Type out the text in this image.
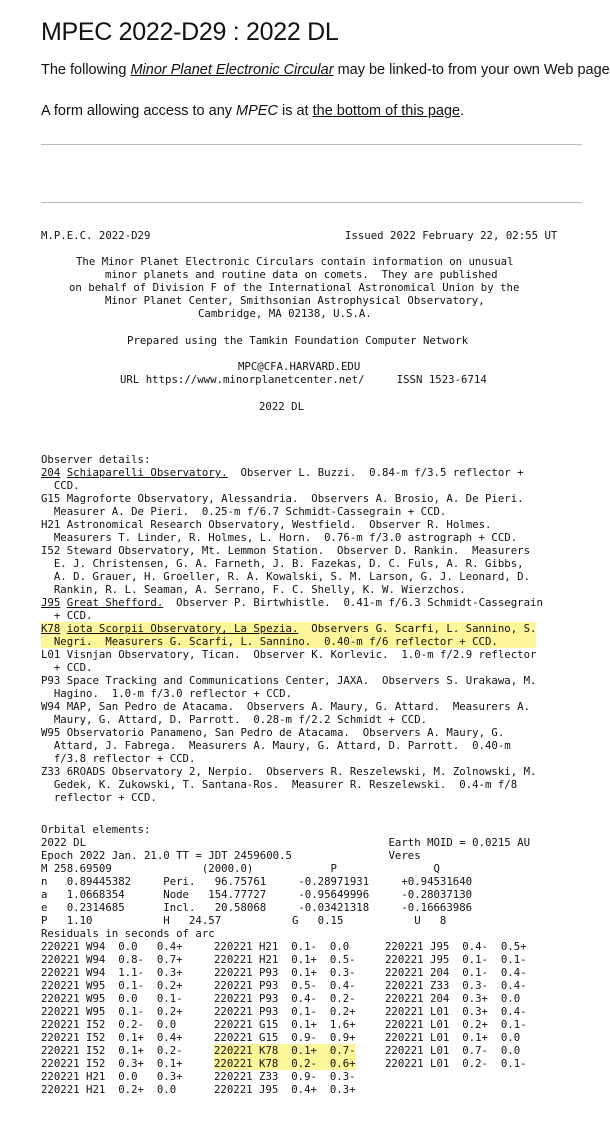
MPEC 2022-D29 : 2022 DL
The following Minor Planet Electronic Circular may be linked-to from your own Web page
A form allowing access to any MPEC is at the bottom of this page.
M.P.E.C. 2022-D29	Issued 2022 February 22, 02:55 UT
The Minor Planet Electronic Circulars contain information on unusual
minor planets and routine data on comets.  They are published
on behalf of Division F of the International Astronomical Union by the
Minor Planet Center, Smithsonian Astrophysical Observatory,
Cambridge, MA 02138, U.S.A.
Prepared using the Tamkin Foundation Computer Network
MPC@CFA.HARVARD.EDU
URL https://www.minorplanetcenter.net/     ISSN 1523-6714
2022 DL
Observer details:
204 Schiaparelli Observatory.  Observer L. Buzzi.  0.84-m f/3.5 reflector +
CCD.
G15 Magroforte Observatory, Alessandria.  Observers A. Brosio, A. De Pieri.
Measurer A. De Pieri.  0.25-m f/6.7 Schmidt-Cassegrain + CCD.
H21 Astronomical Research Observatory, Westfield.  Observer R. Holmes.
Measurers T. Linder, R. Holmes, L. Horn.  0.76-m f/3.0 astrograph + CCD.
I52 Steward Observatory, Mt. Lemmon Station.  Observer D. Rankin.  Measurers
E. J. Christensen, G. A. Farneth, J. B. Fazekas, D. C. Fuls, A. R. Gibbs,
A. D. Grauer, H. Groeller, R. A. Kowalski, S. M. Larson, G. J. Leonard, D.
Rankin, R. L. Seaman, A. Serrano, F. C. Shelly, K. W. Wierzchos.
J95 Great Shefford.  Observer P. Birtwhistle.  0.41-m f/6.3 Schmidt-Cassegrain
+ CCD.
K78 iota Scorpii Observatory, La Spezia.  Observers G. Scarfi, L. Sannino, S.
Negri.  Measurers G. Scarfi, L. Sannino.  0.40-m f/6 reflector + CCD.
L01 Visnjan Observatory, Tican.  Observer K. Korlevic.  1.0-m f/2.9 reflector
+ CCD.
P93 Space Tracking and Communications Center, JAXA.  Observers S. Urakawa, M.
Hagino.  1.0-m f/3.0 reflector + CCD.
W94 MAP, San Pedro de Atacama.  Observers A. Maury, G. Attard.  Measurers A.
Maury, G. Attard, D. Parrott.  0.28-m f/2.2 Schmidt + CCD.
W95 Observatorio Panameno, San Pedro de Atacama.  Observers A. Maury, G.
Attard, J. Fabrega.  Measurers A. Maury, G. Attard, D. Parrott.  0.40-m
f/3.8 reflector + CCD.
Z33 6ROADS Observatory 2, Nerpio.  Observers R. Reszelewski, M. Zolnowski, M.
Gedek, K. Zukowski, T. Santana-Ros.  Measurer R. Reszelewski.  0.4-m f/8
reflector + CCD.
Orbital elements:
2022 DL                                               Earth MOID = 0.0215 AU
Epoch 2022 Jan. 21.0 TT = JDT 2459600.5               Veres
M 258.69509              (2000.0)            P               Q
n   0.89445382     Peri.   96.75761     -0.28971931     +0.94531640
a   1.0668354      Node   154.77727     -0.95649996     -0.28037130
e   0.2314685      Incl.   20.58068     -0.03421318     -0.16663986
P   1.10           H   24.57           G   0.15           U   8
Residuals in seconds of arc
220221 W94  0.0   0.4+	220221 H21  0.1-  0.0	220221 J95  0.4-  0.5+
220221 W94  0.8-  0.7+	220221 H21  0.1+  0.5-	220221 J95  0.1-  0.1-
220221 W94  1.1-  0.3+	220221 P93  0.1+  0.3-	220221 204  0.1-  0.4-
220221 W95  0.1-  0.2+	220221 P93  0.5-  0.4-	220221 Z33  0.3-  0.4-
220221 W95  0.0   0.1-	220221 P93  0.4-  0.2-	220221 204  0.3+  0.0
220221 W95  0.1-  0.2+	220221 P93  0.1-  0.2+	220221 L01  0.3+  0.4-
220221 I52  0.2-  0.0	220221 G15  0.1+  1.6+	220221 L01  0.2+  0.1-
220221 I52  0.1+  0.4+	220221 G15  0.9-  0.9+	220221 L01  0.1+  0.0
220221 I52  0.1+  0.2-	220221 K78  0.1+  0.7-	220221 L01  0.7-  0.0
220221 I52  0.3+  0.1+	220221 K78  0.2-  0.6+	220221 L01  0.2-  0.1-
220221 H21  0.0   0.3+	220221 Z33  0.9-  0.3-
220221 H21  0.2+  0.0	220221 J95  0.4+  0.3+
